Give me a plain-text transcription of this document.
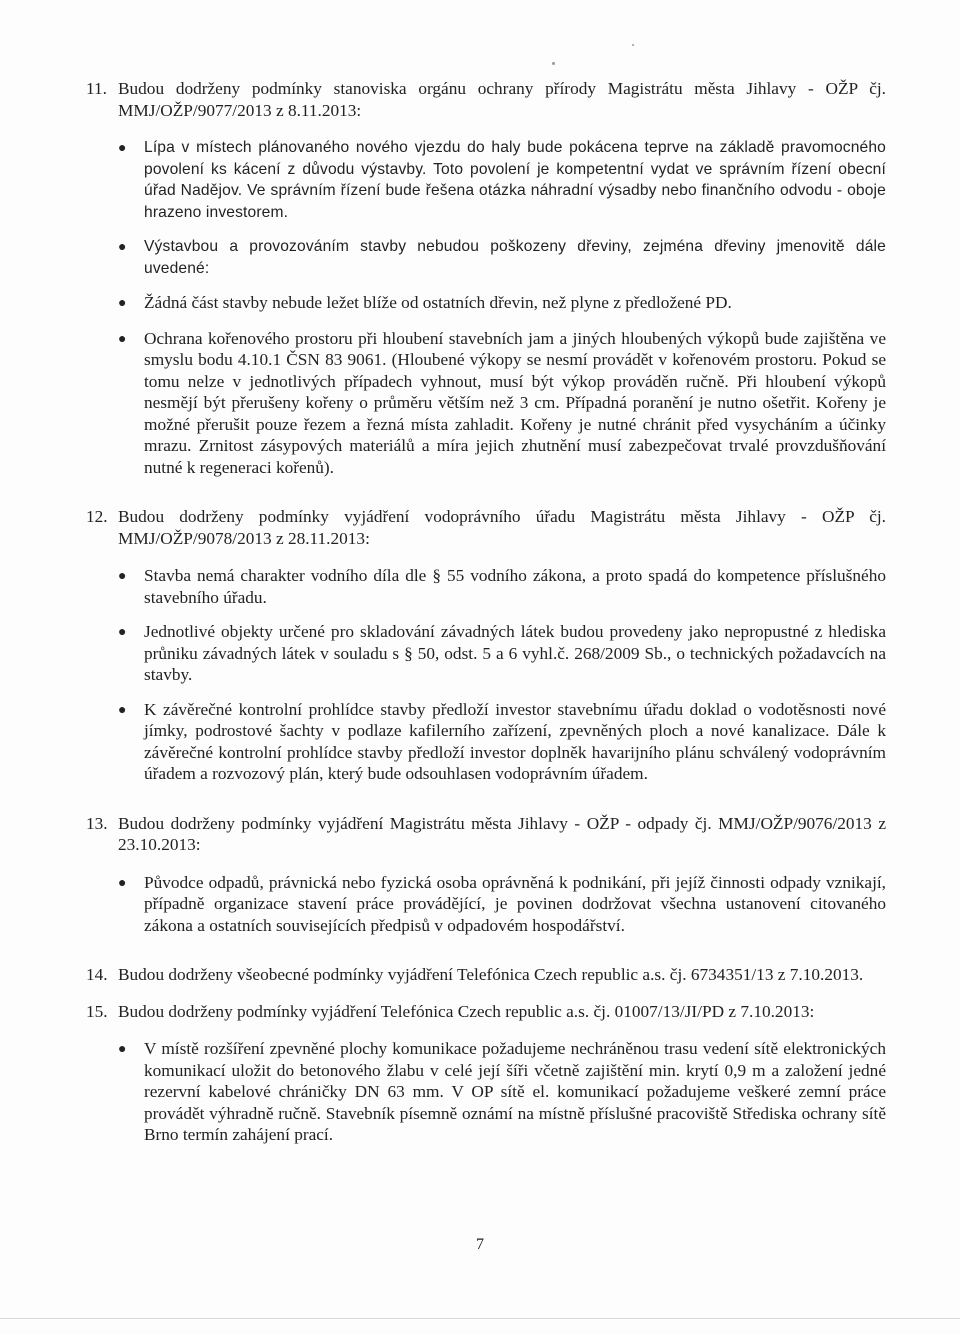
11. Budou dodrženy podmínky stanoviska orgánu ochrany přírody Magistrátu města Jihlavy - OŽP čj. MMJ/OŽP/9077/2013 z 8.11.2013:
●	Lípa v místech plánovaného nového vjezdu do haly bude pokácena teprve na základě pravomocného povolení ks kácení z důvodu výstavby. Toto povolení je kompetentní vydat ve správním řízení obecní úřad Nadějov. Ve správním řízení bude řešena otázka náhradní výsadby nebo finančního odvodu - oboje hrazeno investorem.
●	Výstavbou a provozováním stavby nebudou poškozeny dřeviny, zejména dřeviny jmenovitě dále uvedené:
●	Žádná část stavby nebude ležet blíže od ostatních dřevin, než plyne z předložené PD.
●	Ochrana kořenového prostoru při hloubení stavebních jam a jiných hloubených výkopů bude zajištěna ve smyslu bodu 4.10.1 ČSN 83 9061. (Hloubené výkopy se nesmí provádět v kořenovém prostoru. Pokud se tomu nelze v jednotlivých případech vyhnout, musí být výkop prováděn ručně. Při hloubení výkopů nesmějí být přerušeny kořeny o průměru větším než 3 cm. Případná poranění je nutno ošetřit. Kořeny je možné přerušit pouze řezem a řezná místa zahladit. Kořeny je nutné chránit před vysycháním a účinky mrazu. Zrnitost zásypových materiálů a míra jejich zhutnění musí zabezpečovat trvalé provzdušňování nutné k regeneraci kořenů).
12. Budou dodrženy podmínky vyjádření vodoprávního úřadu Magistrátu města Jihlavy - OŽP čj. MMJ/OŽP/9078/2013 z 28.11.2013:
●	Stavba nemá charakter vodního díla dle § 55 vodního zákona, a proto spadá do kompetence příslušného stavebního úřadu.
●	Jednotlivé objekty určené pro skladování závadných látek budou provedeny jako nepropustné z hlediska průniku závadných látek v souladu s § 50, odst. 5 a 6 vyhl.č. 268/2009 Sb., o technických požadavcích na stavby.
●	K závěrečné kontrolní prohlídce stavby předloží investor stavebnímu úřadu doklad o vodotěsnosti nové jímky, podrostové šachty v podlaze kafilerního zařízení, zpevněných ploch a nové kanalizace. Dále k závěrečné kontrolní prohlídce stavby předloží investor doplněk havarijního plánu schválený vodoprávním úřadem a rozvozový plán, který bude odsouhlasen vodoprávním úřadem.
13. Budou dodrženy podmínky vyjádření Magistrátu města Jihlavy - OŽP - odpady čj. MMJ/OŽP/9076/2013 z 23.10.2013:
●	Původce odpadů, právnická nebo fyzická osoba oprávněná k podnikání, při jejíž činnosti odpady vznikají, případně organizace stavení práce provádějící, je povinen dodržovat všechna ustanovení citovaného zákona a ostatních souvisejících předpisů v odpadovém hospodářství.
14. Budou dodrženy všeobecné podmínky vyjádření Telefónica Czech republic a.s. čj. 6734351/13 z 7.10.2013.
15. Budou dodrženy podmínky vyjádření Telefónica Czech republic a.s. čj. 01007/13/JI/PD z 7.10.2013:
●	V místě rozšíření zpevněné plochy komunikace požadujeme nechráněnou trasu vedení sítě elektronických komunikací uložit do betonového žlabu v celé její šíři včetně zajištění min. krytí 0,9 m a založení jedné rezervní kabelové chráničky DN 63 mm. V OP sítě el. komunikací požadujeme veškeré zemní práce provádět výhradně ručně. Stavebník písemně oznámí na místně příslušné pracoviště Střediska ochrany sítě Brno termín zahájení prací.
7
